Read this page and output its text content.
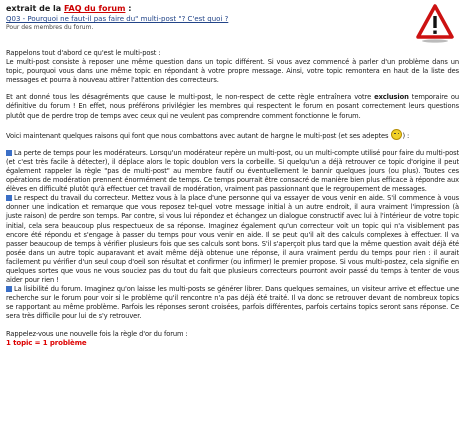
extrait de la FAQ du forum :
Q03 - Pourquoi ne faut-il pas faire du" multi-post "? C'est quoi ?
Pour des membres du forum.
Rappelons tout d'abord ce qu'est le multi-post :
Le multi-post consiste à reposer une même question dans un topic différent. Si vous avez commencé à parler d'un problème dans un topic, pourquoi vous dans une même topic en répondant à votre propre message. Ainsi, votre topic remontera en haut de la liste des messages et pourra à nouveau attirer l'attention des correcteurs.
Et ant donné tous les désagréments que cause le multi-post, le non-respect de cette règle entraînera votre exclusion temporaire ou définitive du forum ! En effet, nous préférons privilégier les membres qui respectent le forum en posant correctement leurs questions plutôt que de perdre trop de temps avec ceux qui ne veulent pas comprendre comment fonctionne le forum.
Voici maintenant quelques raisons qui font que nous combattons avec autant de hargne le multi-post (et ses adeptes ) :
La perte de temps pour les modérateurs. Lorsqu'un modérateur repère un multi-post, ou un multi-compte utilisé pour faire du multi-post (et c'est très facile à détecter), il déplace alors le topic doublon vers la corbeille. Si quelqu'un a déjà retrouver ce topic d'origine il peut également rappeler la règle "pas de multi-post" au membre fautif ou éventuellement le bannir quelques jours (ou plus). Toutes ces opérations de modération prennent énormément de temps. Ce temps pourrait être consacré de manière bien plus efficace à répondre aux élèves en difficulté plutôt qu'à effectuer cet travail de modération, vraiment pas passionnant que le regroupement de messages.
Le respect du travail du correcteur. Mettez vous à la place d'une personne qui va essayer de vous venir en aide. S'il commence à vous donner une indication et remarque que vous reposez tel-quel votre message initial à un autre endroit, il aura vraiment l'impression (à juste raison) de perdre son temps. Par contre, si vous lui répondez et échangez un dialogue constructif avec lui à l'intérieur de votre topic initial, cela sera beaucoup plus respectueux de sa réponse. Imaginez également qu'un correcteur voit un topic qui n'a visiblement pas encore été répondu et s'engage à passer du temps pour vous venir en aide. Il se peut qu'il ait des calculs complexes à effectuer. Il va passer beaucoup de temps à vérifier plusieurs fois que ses calculs sont bons. S'il s'aperçoit plus tard que la même question avait déjà été posée dans un autre topic auparavant et avait même déjà obtenue une réponse, il aura vraiment perdu du temps pour rien : il aurait facilement pu vérifier d'un seul coup d'oeil son résultat et confirmer (ou infirmer) le premier propose. Si vous multi-postez, cela signifie en quelques sortes que vous ne vous souciez pas du tout du fait que plusieurs correcteurs pourront avoir passé du temps à tenter de vous aider pour rien !
La lisibilité du forum. Imaginez qu'on laisse les multi-posts se générer librer. Dans quelques semaines, un visiteur arrive et effectue une recherche sur le forum pour voir si le problème qu'il rencontre n'a pas déjà été traité. Il va donc se retrouver devant de nombreux topics se rapportant au même problème. Parfois les réponses seront croisées, parfois différentes, parfois certains topics seront sans réponse. Ce sera très difficile pour lui de s'y retrouver.
Rappelez-vous une nouvelle fois la règle d'or du forum :
1 topic = 1 problème
